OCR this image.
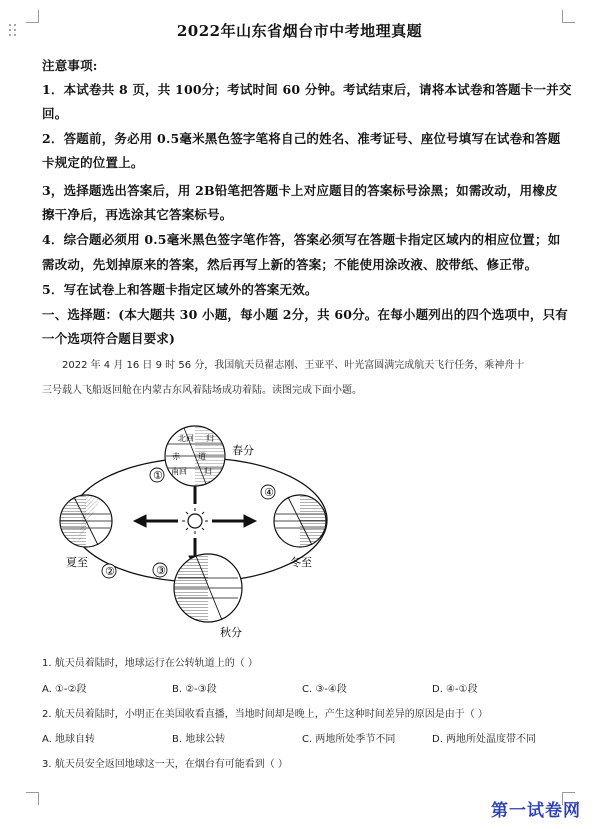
2022年山东省烟台市中考地理真题
注意事项:
1．本试卷共 8 页，共 100分；考试时间 60 分钟。考试结束后，请将本试卷和答题卡一并交
回。
2．答题前，务必用 0.5毫米黑色签字笔将自己的姓名、准考证号、座位号填写在试卷和答题
卡规定的位置上。
3，选择题选出答案后，用 2B铅笔把答题卡上对应题目的答案标号涂黑；如需改动，用橡皮
擦干净后，再选涂其它答案标号。
4．综合题必须用 0.5毫米黑色签字笔作答，答案必须写在答题卡指定区域内的相应位置；如
需改动，先划掉原来的答案，然后再写上新的答案；不能使用涂改液、胶带纸、修正带。
5．写在试卷上和答题卡指定区域外的答案无效。
一、选择题：(本大题共 30 小题，每小题 2分，共 60分。在每小题列出的四个选项中，只有
一个选项符合题目要求)
2022 年 4 月 16 日 9 时 56 分，我国航天员翟志刚、王亚平、叶光富圆满完成航天飞行任务，乘神舟十
三号载人飞船返回舱在内蒙古东风着陆场成功着陆。读图完成下面小题。
北回 归
赤 道
南回 归
春分
夏至	冬至
秋分
①
②	③
④
1. 航天员着陆时，地球运行在公转轨道上的（ ）
A. ①-②段	B. ②-③段	C. ③-④段	D. ④-①段
2. 航天员着陆时，小明正在美国收看直播，当地时间却是晚上，产生这种时间差异的原因是由于（ ）
A. 地球自转	B. 地球公转	C. 两地所处季节不同	D. 两地所处温度带不同
3. 航天员安全返回地球这一天，在烟台有可能看到（ ）
第一试卷网
